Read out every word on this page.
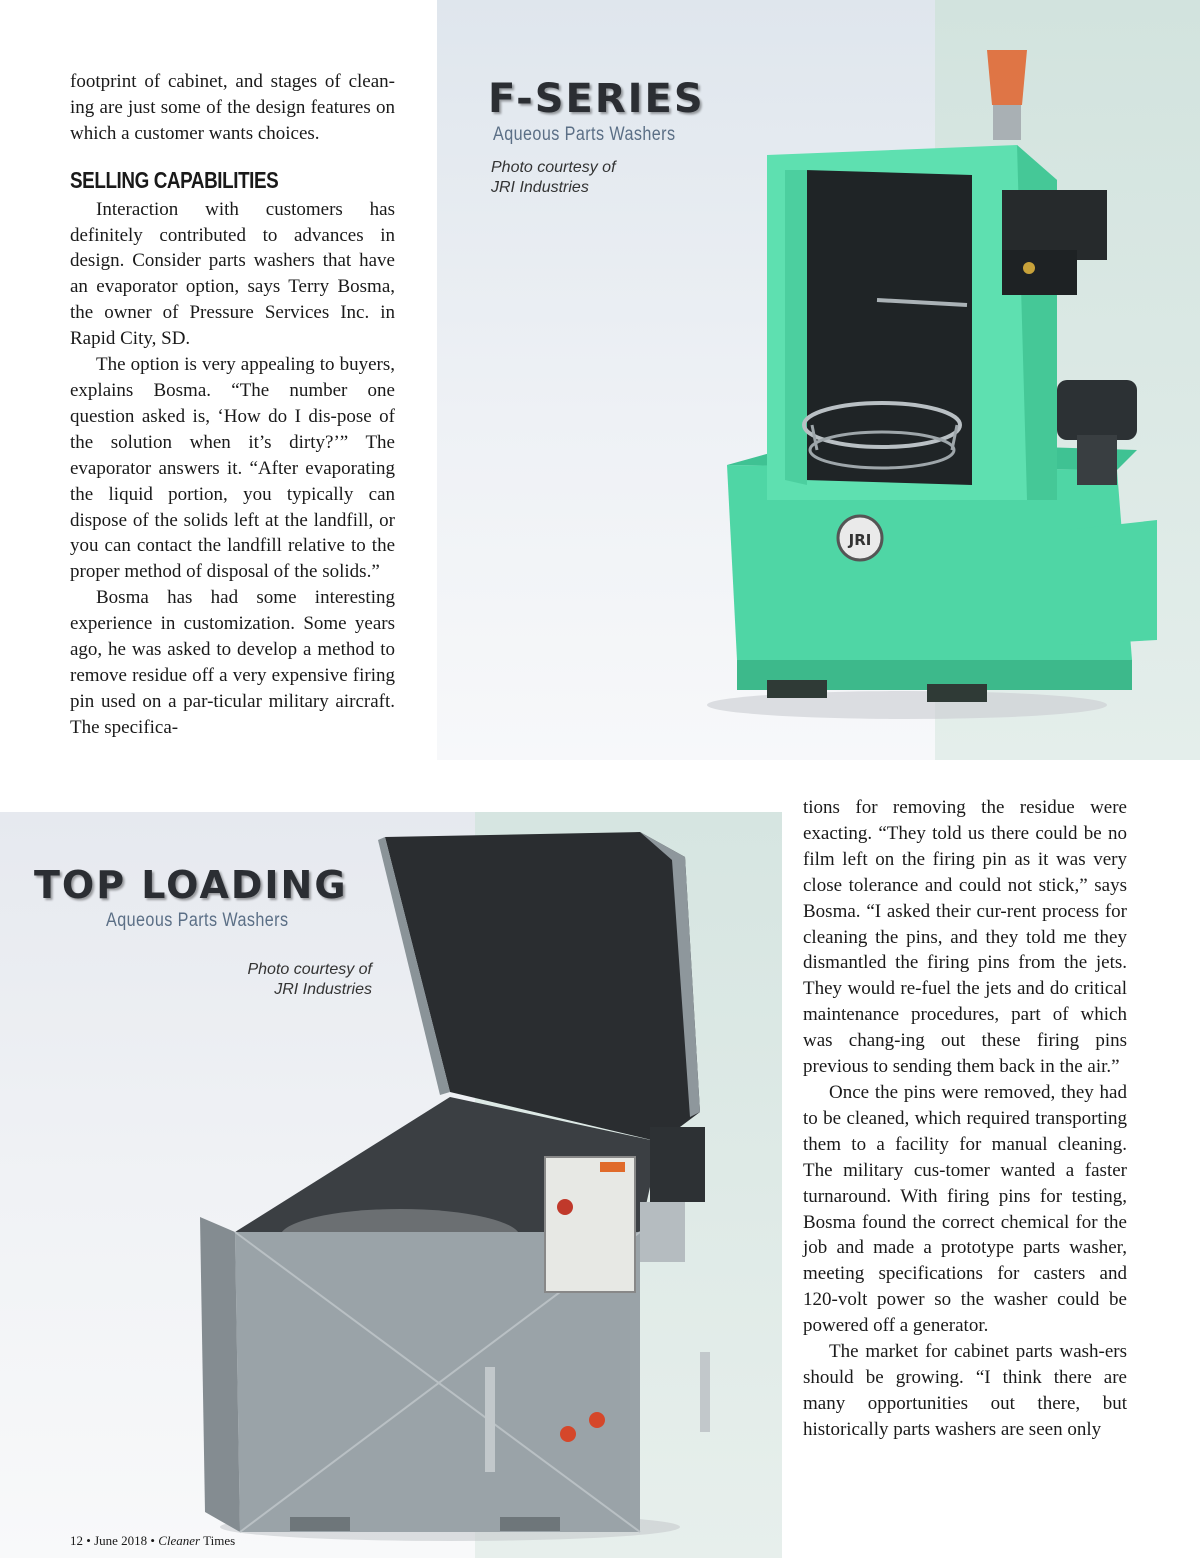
footprint of cabinet, and stages of clean-ing are just some of the design features on which a customer wants choices.

SELLING CAPABILITIES

Interaction with customers has definitely contributed to advances in design. Consider parts washers that have an evaporator option, says Terry Bosma, the owner of Pressure Services Inc. in Rapid City, SD.

The option is very appealing to buyers, explains Bosma. “The number one question asked is, ‘How do I dis-pose of the solution when it’s dirty?’” The evaporator answers it. “After evaporating the liquid portion, you typically can dispose of the solids left at the landfill, or you can contact the landfill relative to the proper method of disposal of the solids.”

Bosma has had some interesting experience in customization. Some years ago, he was asked to develop a method to remove residue off a very expensive firing pin used on a par-ticular military aircraft. The specifica-

JRI
F-SERIES
Aqueous Parts Washers
Photo courtesy of
JRI Industries
TOP LOADING
Aqueous Parts Washers
Photo courtesy of
JRI Industries

tions for removing the residue were exacting. “They told us there could be no film left on the firing pin as it was very close tolerance and could not stick,” says Bosma. “I asked their cur-rent process for cleaning the pins, and they told me they dismantled the firing pins from the jets. They would re-fuel the jets and do critical maintenance procedures, part of which was chang-ing out these firing pins previous to sending them back in the air.”

Once the pins were removed, they had to be cleaned, which required transporting them to a facility for manual cleaning. The military cus-tomer wanted a faster turnaround. With firing pins for testing, Bosma found the correct chemical for the job and made a prototype parts washer, meeting specifications for casters and 120-volt power so the washer could be powered off a generator.

The market for cabinet parts wash-ers should be growing. “I think there are many opportunities out there, but historically parts washers are seen only

12 • June 2018 • Cleaner Times
